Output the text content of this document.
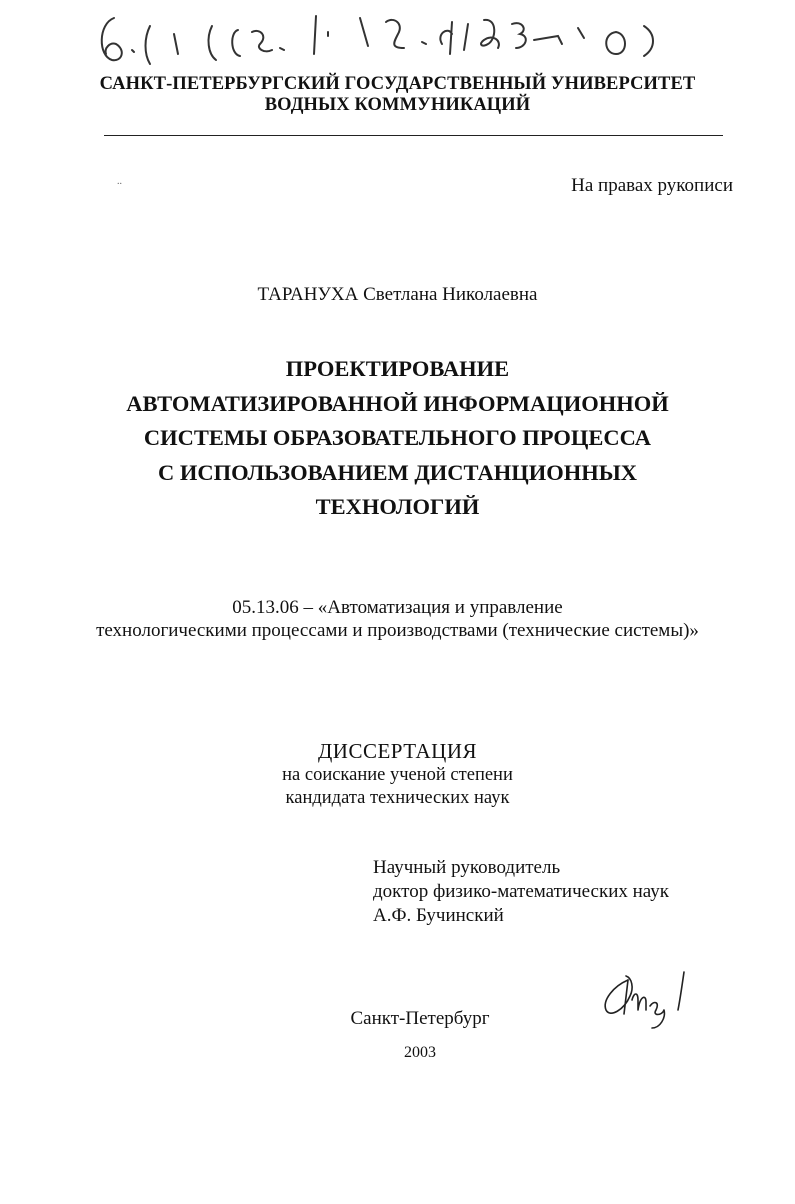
САНКТ-ПЕТЕРБУРГСКИЙ ГОСУДАРСТВЕННЫЙ УНИВЕРСИТЕТ
ВОДНЫХ КОММУНИКАЦИЙ
..	На правах рукописи
ТАРАНУХА Светлана Николаевна
ПРОЕКТИРОВАНИЕ
АВТОМАТИЗИРОВАННОЙ ИНФОРМАЦИОННОЙ
СИСТЕМЫ ОБРАЗОВАТЕЛЬНОГО ПРОЦЕССА
С ИСПОЛЬЗОВАНИЕМ ДИСТАНЦИОННЫХ
ТЕХНОЛОГИЙ
05.13.06 – «Автоматизация и управление
технологическими процессами и производствами (технические системы)»
ДИССЕРТАЦИЯ
на соискание ученой степени
кандидата технических наук
Научный руководитель
доктор физико-математических наук
А.Ф. Бучинский
Санкт-Петербург
2003
